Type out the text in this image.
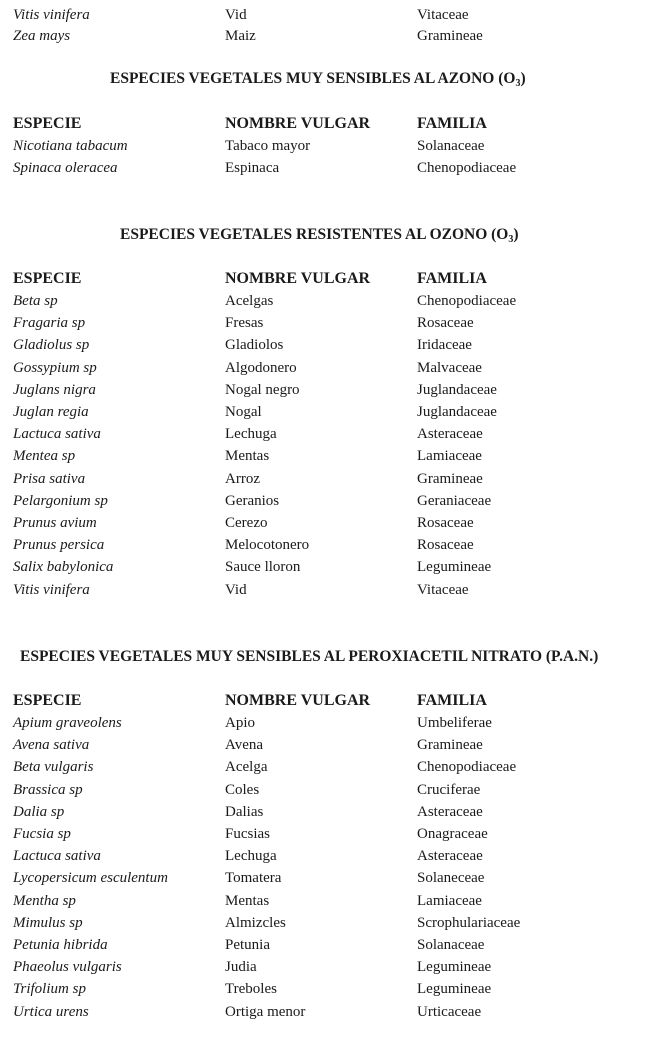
Vitis vinifera	Vid	Vitaceae
Zea mays	Maiz	Gramineae
ESPECIES VEGETALES MUY SENSIBLES AL AZONO $(O_3)$
ESPECIE	NOMBRE VULGAR	FAMILIA
Nicotiana tabacum	Tabaco mayor	Solanaceae
Spinaca oleracea	Espinaca	Chenopodiaceae
ESPECIES VEGETALES RESISTENTES AL OZONO $(O_3)$
ESPECIE	NOMBRE VULGAR	FAMILIA
Beta sp	Acelgas	Chenopodiaceae
Fragaria sp	Fresas	Rosaceae
Gladiolus sp	Gladiolos	Iridaceae
Gossypium sp	Algodonero	Malvaceae
Juglans nigra	Nogal negro	Juglandaceae
Juglan regia	Nogal	Juglandaceae
Lactuca sativa	Lechuga	Asteraceae
Mentea sp	Mentas	Lamiaceae
Prisa sativa	Arroz	Gramineae
Pelargonium sp	Geranios	Geraniaceae
Prunus avium	Cerezo	Rosaceae
Prunus persica	Melocotonero	Rosaceae
Salix babylonica	Sauce lloron	Legumineae
Vitis vinifera	Vid	Vitaceae
ESPECIES VEGETALES MUY SENSIBLES AL PEROXIACETIL NITRATO (P.A.N.)
ESPECIE	NOMBRE VULGAR	FAMILIA
Apium graveolens	Apio	Umbeliferae
Avena sativa	Avena	Gramineae
Beta vulgaris	Acelga	Chenopodiaceae
Brassica sp	Coles	Cruciferae
Dalia sp	Dalias	Asteraceae
Fucsia sp	Fucsias	Onagraceae
Lactuca sativa	Lechuga	Asteraceae
Lycopersicum esculentum	Tomatera	Solaneceae
Mentha sp	Mentas	Lamiaceae
Mimulus sp	Almizcles	Scrophulariaceae
Petunia hibrida	Petunia	Solanaceae
Phaeolus vulgaris	Judia	Legumineae
Trifolium sp	Treboles	Legumineae
Urtica urens	Ortiga menor	Urticaceae
